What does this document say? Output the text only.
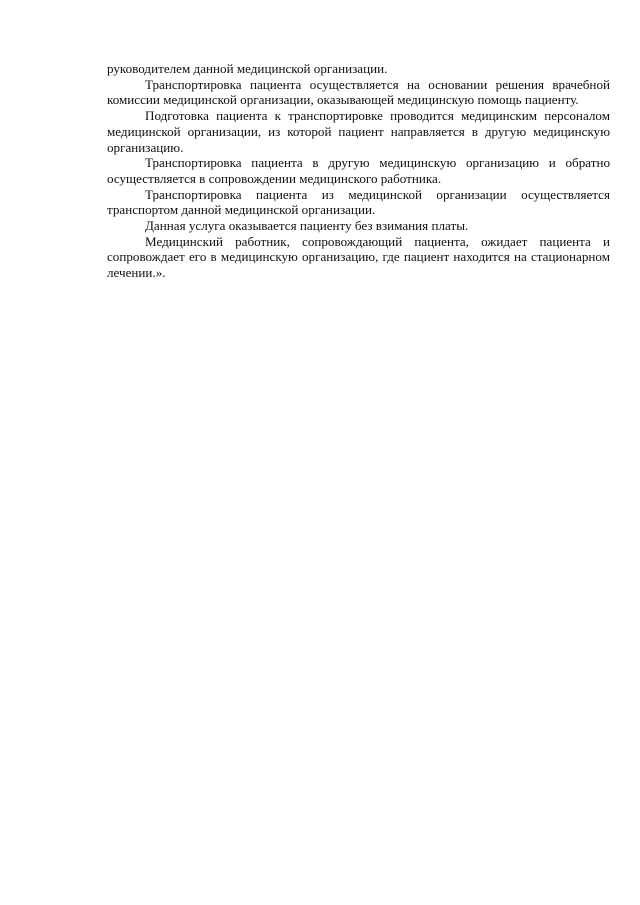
руководителем данной медицинской организации.

Транспортировка пациента осуществляется на основании решения врачебной комиссии медицинской организации, оказывающей медицинскую помощь пациенту.

Подготовка пациента к транспортировке проводится медицинским персоналом медицинской организации, из которой пациент направляется в другую медицинскую организацию.

Транспортировка пациента в другую медицинскую организацию и обратно осуществляется в сопровождении медицинского работника.

Транспортировка пациента из медицинской организации осуществляется транспортом данной медицинской организации.

Данная услуга оказывается пациенту без взимания платы.

Медицинский работник, сопровождающий пациента, ожидает пациента и сопровождает его в медицинскую организацию, где пациент находится на стационарном лечении.».
